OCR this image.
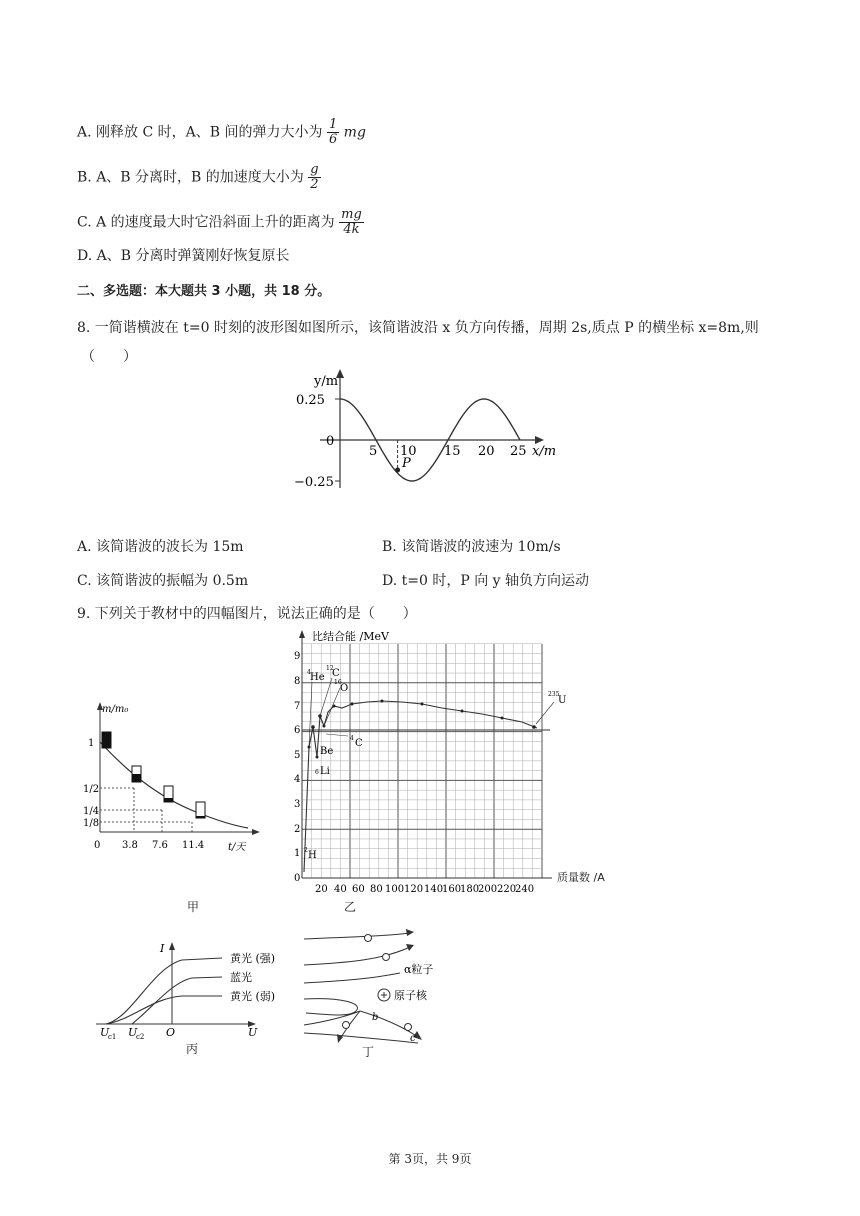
A. 刚释放 C 时，A、B 间的弹力大小为 $\frac{1}{6}$ mg
B. A、B 分离时，B 的加速度大小为 $\frac{g}{2}$
C. A 的速度最大时它沿斜面上升的距离为 $\frac{mg}{4k}$
D. A、B 分离时弹簧刚好恢复原长
二、多选题：本大题共 3 小题，共 18 分。
8. 一简谐横波在 t=0 时刻的波形图如图所示，该简谐波沿 x 负方向传播，周期 2s,质点 P 的横坐标 x=8m,则
（　　）
y/m
0.25
0
−0.25
5 10 15 20 25 x/m
P
A. 该简谐波的波长为 15m	B. 该简谐波的波速为 10m/s
C. 该简谐波的振幅为 0.5m	D. t=0 时，P 向 y 轴负方向运动
9. 下列关于教材中的四幅图片，说法正确的是（　　）
m/m₀
1
1/2
1/4
1/8
0 3.8 7.6 11.4 t/天
甲
比结合能 /MeV
0
1
2
3
4
5
6
7
8
9
20 40 60 80 100 120 140
160
180
200 220
240
4 He
12
C
16
O
235
U
Be
6 Li
2 H
4 C
质量数 /A
乙
I
U
黄光 (强)
蓝光
黄光 (弱)
U
c1 U
c2 O
丙
α粒子
原子核
b
c
丁
第 3页，共 9页
